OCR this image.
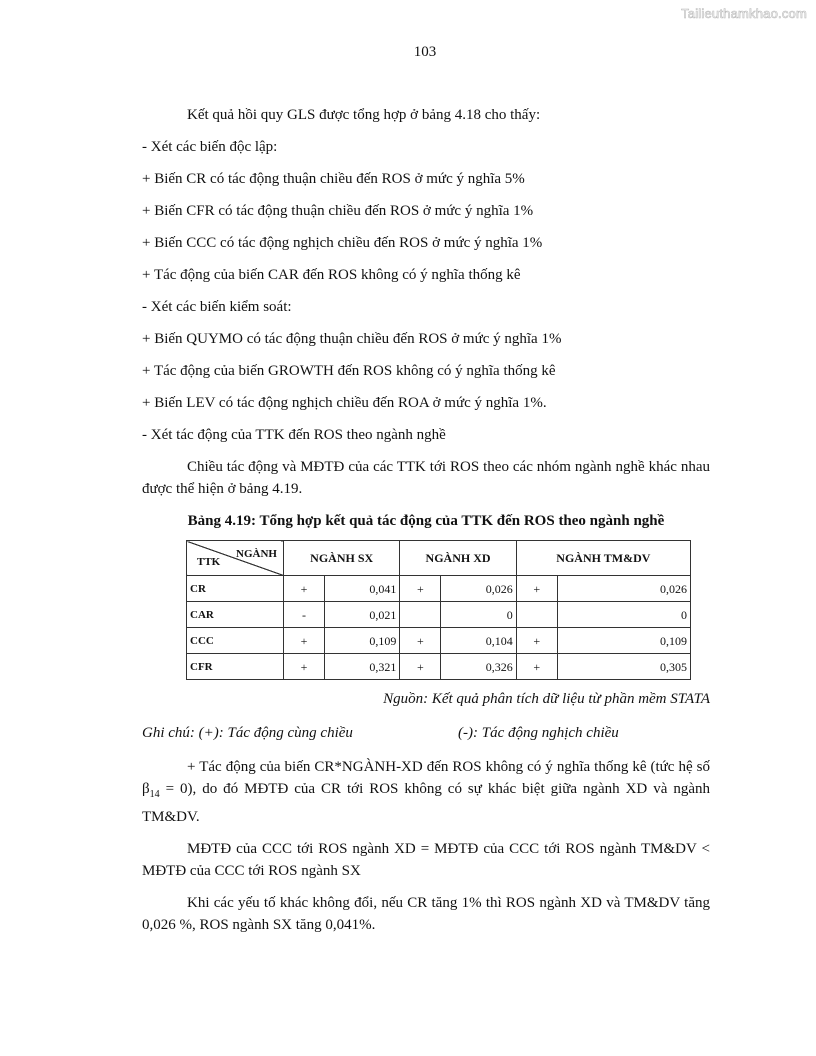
Tailieuthamkhao.com
103
Kết quả hồi quy GLS được tổng hợp ở bảng 4.18 cho thấy:
- Xét các biến độc lập:
+ Biến CR có tác động thuận chiều đến ROS ở mức ý nghĩa 5%
+ Biến CFR có tác động thuận chiều đến ROS ở mức ý nghĩa 1%
+ Biến CCC có tác động nghịch chiều đến ROS ở mức ý nghĩa 1%
+ Tác động của biến CAR đến ROS không có ý nghĩa thống kê
- Xét các biến kiểm soát:
+ Biến QUYMO có tác động thuận chiều đến ROS ở mức ý nghĩa 1%
+ Tác động của biến GROWTH đến ROS không có ý nghĩa thống kê
+ Biến LEV có tác động nghịch chiều đến ROA ở mức ý nghĩa 1%.
- Xét tác động của TTK đến ROS theo ngành nghề

Chiều tác động và MĐTĐ của các TTK tới ROS theo các nhóm ngành nghề khác nhau được thể hiện ở bảng 4.19.

Bảng 4.19: Tổng hợp kết quả tác động của TTK đến ROS theo ngành nghề
NGÀNH
TTK	NGÀNH SX		NGÀNH XD		NGÀNH TM&DV	
CR	+	0,041	+	0,026	+	0,026
CAR	-	0,021		0		0
CCC	+	0,109	+	0,104	+	0,109
CFR	+	0,321	+	0,326	+	0,305
Nguồn: Kết quả phân tích dữ liệu từ phần mềm STATA
Ghi chú: (+): Tác động cùng chiều	(-): Tác động nghịch chiều

+ Tác động của biến CR*NGÀNH-XD đến ROS không có ý nghĩa thống kê (tức hệ số $\beta_{14} = 0$), do đó MĐTĐ của CR tới ROS không có sự khác biệt giữa ngành XD và ngành TM&DV.

MĐTĐ của CCC tới ROS ngành XD = MĐTĐ của CCC tới ROS ngành TM&DV < MĐTĐ của CCC tới ROS ngành SX

Khi các yếu tố khác không đổi, nếu CR tăng 1% thì ROS ngành XD và TM&DV tăng 0,026 %, ROS ngành SX tăng 0,041%.
